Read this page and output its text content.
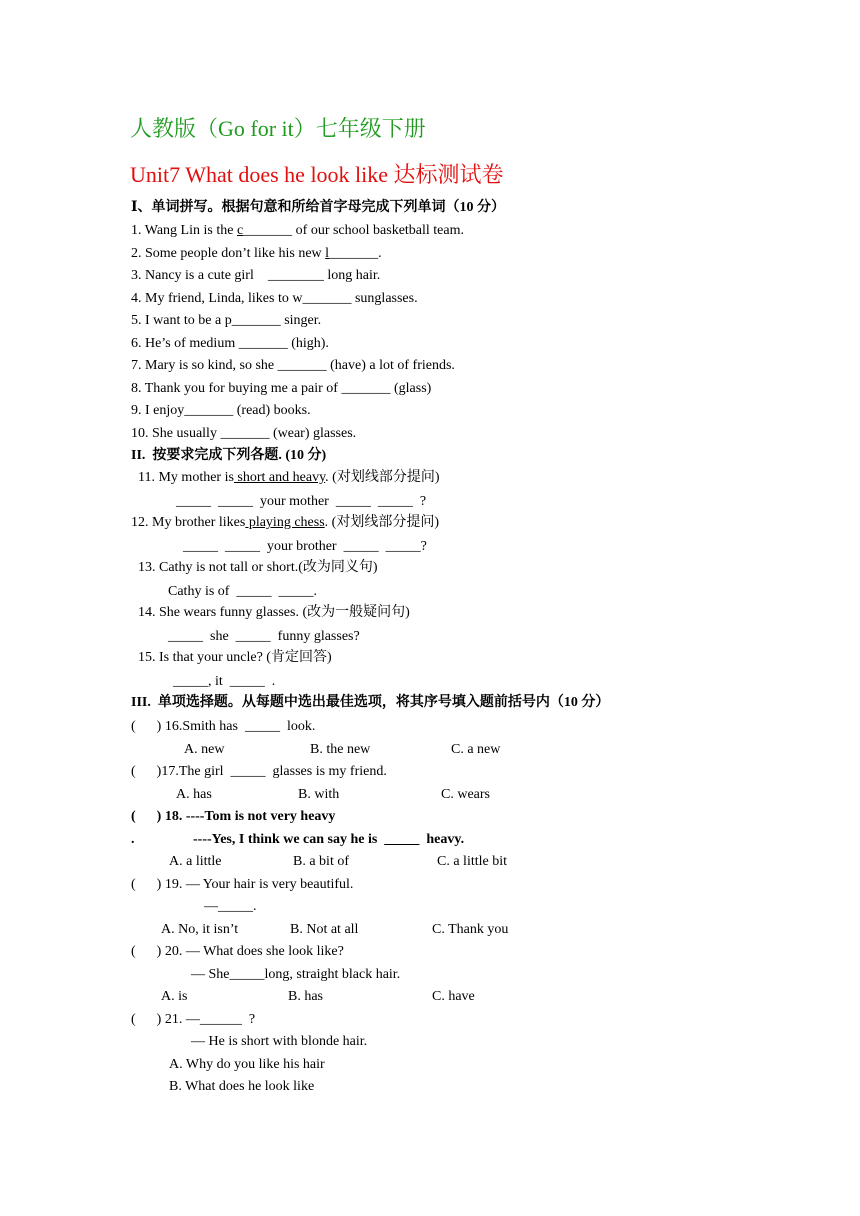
人教版（Go for it）七年级下册
Unit7 What does he look like 达标测试卷
Ⅰ、单词拼写。根据句意和所给首字母完成下列单词（10 分）
1. Wang Lin is the c_______ of our school basketball team.
2. Some people don’t like his new l_______.
3. Nancy is a cute girl    ________ long hair.
4. My friend, Linda, likes to w_______ sunglasses.
5. I want to be a p_______ singer.
6. He’s of medium _______ (high).
7. Mary is so kind, so she _______ (have) a lot of friends.
8. Thank you for buying me a pair of _______ (glass)
9. I enjoy_______ (read) books.
10. She usually _______ (wear) glasses.
II.  按要求完成下列各题. (10 分)
11. My mother is short and heavy. (对划线部分提问)
_____  _____  your mother  _____  _____  ?
12. My brother likes playing chess. (对划线部分提问)
_____  _____  your brother  _____  _____?
13. Cathy is not tall or short.(改为同义句)
Cathy is of  _____  _____.
14. She wears funny glasses. (改为一般疑问句)
_____  she  _____  funny glasses?
15. Is that your uncle? (肯定回答)
_____, it  _____  .
III.  单项选择题。从每题中选出最佳选项，将其序号填入题前括号内（10 分）
(      ) 16.Smith has  _____  look.
A. new	B. the new	C. a new
(      )17.The girl  _____  glasses is my friend.
A. has	B. with	C. wears
(      ) 18. ----Tom is not very heavy
.	----Yes, I think we can say he is  _____  heavy.
A. a little	B. a bit of	C. a little bit
(      ) 19. — Your hair is very beautiful.
—_____.
A. No, it isn’t	B. Not at all	C. Thank you
(      ) 20. — What does she look like?
— She_____long, straight black hair.
A. is	B. has	C. have
(      ) 21. —______  ?
— He is short with blonde hair.
A. Why do you like his hair
B. What does he look like
